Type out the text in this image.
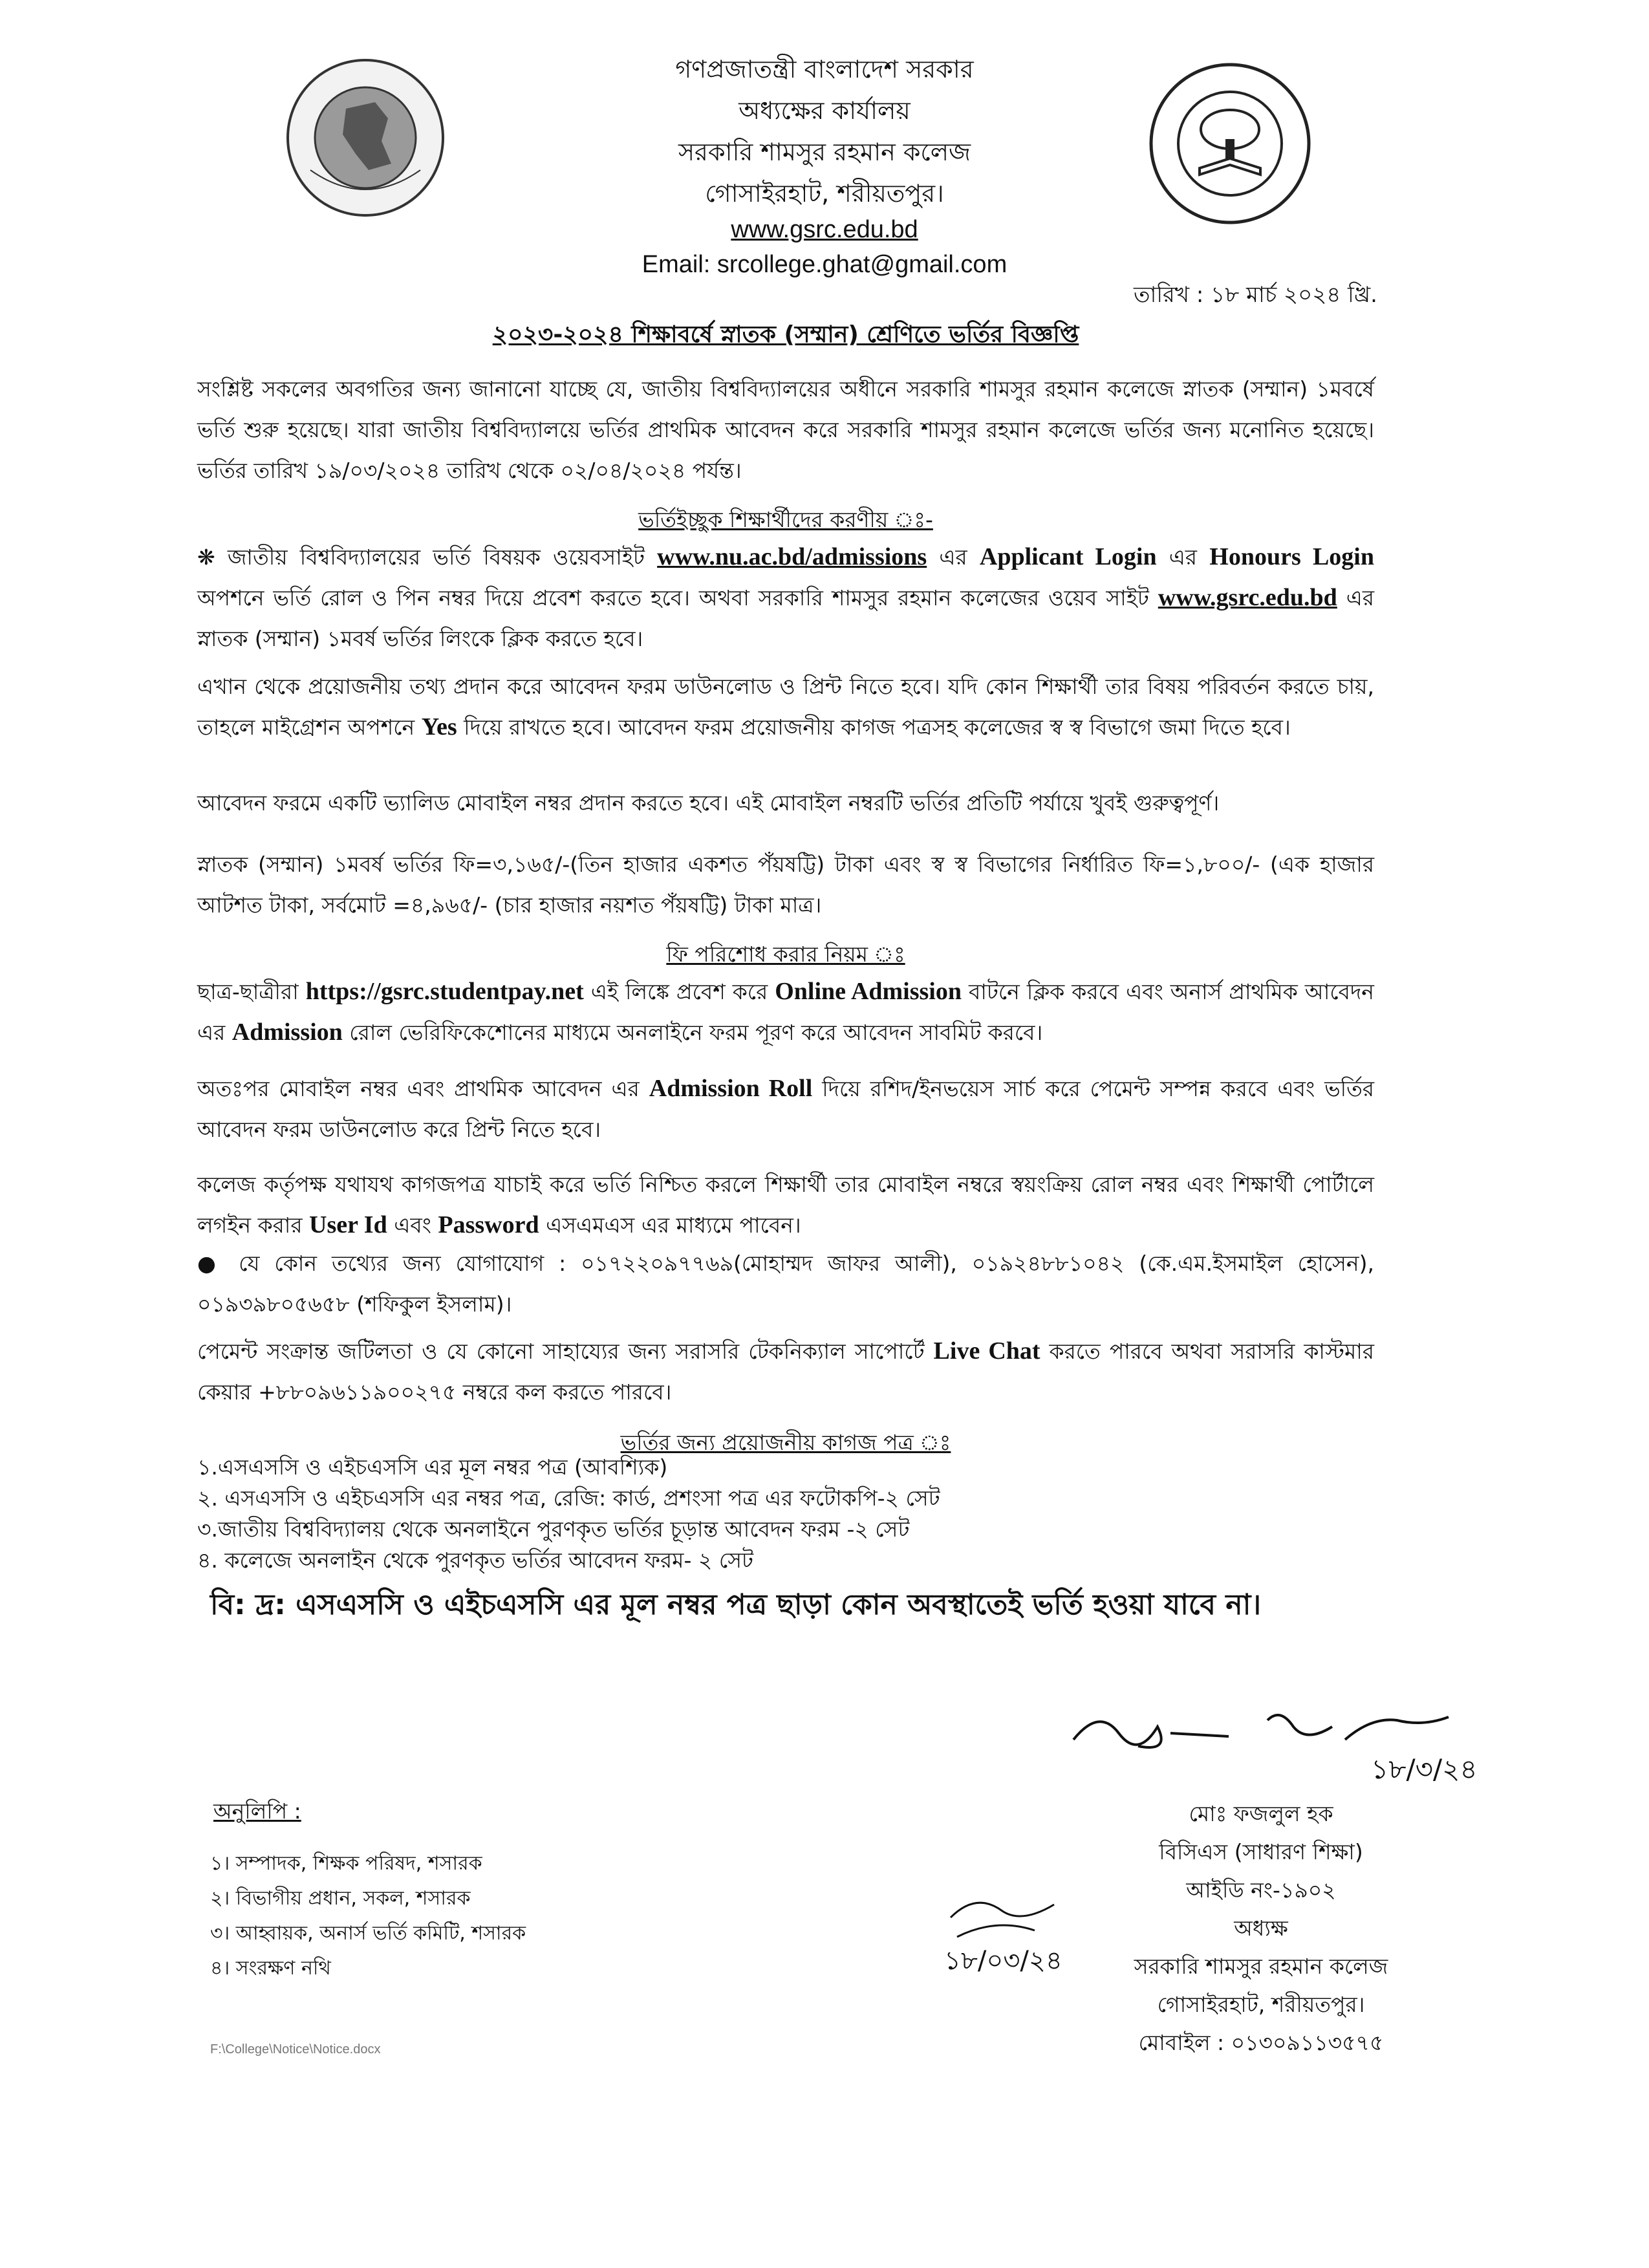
গণপ্রজাতন্ত্রী বাংলাদেশ সরকার
অধ্যক্ষের কার্যালয়
সরকারি শামসুর রহমান কলেজ
গোসাইরহাট, শরীয়তপুর।
www.gsrc.edu.bd
Email: srcollege.ghat@gmail.com
তারিখ : ১৮ মার্চ ২০২৪ খ্রি.
২০২৩-২০২৪ শিক্ষাবর্ষে স্নাতক (সম্মান) শ্রেণিতে ভর্তির বিজ্ঞপ্তি
সংশ্লিষ্ট সকলের অবগতির জন্য জানানো যাচ্ছে যে, জাতীয় বিশ্ববিদ্যালয়ের অধীনে সরকারি শামসুর রহমান কলেজে স্নাতক (সম্মান) ১মবর্ষে ভর্তি শুরু হয়েছে। যারা জাতীয় বিশ্ববিদ্যালয়ে ভর্তির প্রাথমিক আবেদন করে সরকারি শামসুর রহমান কলেজে ভর্তির জন্য মনোনিত হয়েছে। ভর্তির তারিখ ১৯/০৩/২০২৪ তারিখ থেকে ০২/০৪/২০২৪ পর্যন্ত।
ভর্তিইচ্ছুক শিক্ষার্থীদের করণীয় ঃ-
❋ জাতীয় বিশ্ববিদ্যালয়ের ভর্তি বিষয়ক ওয়েবসাইট www.nu.ac.bd/admissions এর Applicant Login এর Honours Login অপশনে ভর্তি রোল ও পিন নম্বর দিয়ে প্রবেশ করতে হবে। অথবা সরকারি শামসুর রহমান কলেজের ওয়েব সাইট www.gsrc.edu.bd এর স্নাতক (সম্মান) ১মবর্ষ ভর্তির লিংকে ক্লিক করতে হবে।
এখান থেকে প্রয়োজনীয় তথ্য প্রদান করে আবেদন ফরম ডাউনলোড ও প্রিন্ট নিতে হবে। যদি কোন শিক্ষার্থী তার বিষয় পরিবর্তন করতে চায়, তাহলে মাইগ্রেশন অপশনে Yes দিয়ে রাখতে হবে। আবেদন ফরম প্রয়োজনীয় কাগজ পত্রসহ কলেজের স্ব স্ব বিভাগে জমা দিতে হবে।
আবেদন ফরমে একটি ভ্যালিড মোবাইল নম্বর প্রদান করতে হবে। এই মোবাইল নম্বরটি ভর্তির প্রতিটি পর্যায়ে খুবই গুরুত্বপূর্ণ।
স্নাতক (সম্মান) ১মবর্ষ ভর্তির ফি=৩,১৬৫/-(তিন হাজার একশত পঁয়ষট্টি) টাকা এবং স্ব স্ব বিভাগের নির্ধারিত ফি=১,৮০০/- (এক হাজার আটশত টাকা, সর্বমোট =৪,৯৬৫/- (চার হাজার নয়শত পঁয়ষট্টি) টাকা মাত্র।
ফি পরিশোধ করার নিয়ম ঃ
ছাত্র-ছাত্রীরা https://gsrc.studentpay.net এই লিঙ্কে প্রবেশ করে Online Admission বাটনে ক্লিক করবে এবং অনার্স প্রাথমিক আবেদন এর Admission রোল ভেরিফিকেশোনের মাধ্যমে অনলাইনে ফরম পূরণ করে আবেদন সাবমিট করবে।
অতঃপর মোবাইল নম্বর এবং প্রাথমিক আবেদন এর Admission Roll দিয়ে রশিদ/ইনভয়েস সার্চ করে পেমেন্ট সম্পন্ন করবে এবং ভর্তির আবেদন ফরম ডাউনলোড করে প্রিন্ট নিতে হবে।
কলেজ কর্তৃপক্ষ যথাযথ কাগজপত্র যাচাই করে ভর্তি নিশ্চিত করলে শিক্ষার্থী তার মোবাইল নম্বরে স্বয়ংক্রিয় রোল নম্বর এবং শিক্ষার্থী পোর্টালে লগইন করার User Id এবং Password এসএমএস এর মাধ্যমে পাবেন।
● যে কোন তথ্যের জন্য যোগাযোগ : ০১৭২২০৯৭৭৬৯(মোহাম্মদ জাফর আলী), ০১৯২৪৮৮১০৪২ (কে.এম.ইসমাইল হোসেন), ০১৯৩৯৮০৫৬৫৮ (শফিকুল ইসলাম)।
পেমেন্ট সংক্রান্ত জটিলতা ও যে কোনো সাহায্যের জন্য সরাসরি টেকনিক্যাল সাপোর্টে Live Chat করতে পারবে অথবা সরাসরি কাস্টমার কেয়ার +৮৮০৯৬১১৯০০২৭৫ নম্বরে কল করতে পারবে।
ভর্তির জন্য প্রয়োজনীয় কাগজ পত্র ঃ
১.এসএসসি ও এইচএসসি এর মূল নম্বর পত্র (আবশ্যিক)
২. এসএসসি ও এইচএসসি এর নম্বর পত্র, রেজি: কার্ড, প্রশংসা পত্র এর ফটোকপি-২ সেট
৩.জাতীয় বিশ্ববিদ্যালয় থেকে অনলাইনে পুরণকৃত ভর্তির চূড়ান্ত আবেদন ফরম -২ সেট
৪. কলেজে অনলাইন থেকে পুরণকৃত ভর্তির আবেদন ফরম- ২ সেট
বি: দ্র: এসএসসি ও এইচএসসি এর মূল নম্বর পত্র ছাড়া কোন অবস্থাতেই ভর্তি হওয়া যাবে না।
১৮/৩/২৪
মোঃ ফজলুল হক
বিসিএস (সাধারণ শিক্ষা)
আইডি নং-১৯০২
অধ্যক্ষ
সরকারি শামসুর রহমান কলেজ
গোসাইরহাট, শরীয়তপুর।
মোবাইল : ০১৩০৯১১৩৫৭৫
১৮/০৩/২৪
অনুলিপি :
১। সম্পাদক, শিক্ষক পরিষদ, শসারক
২। বিভাগীয় প্রধান, সকল, শসারক
৩। আহ্বায়ক, অনার্স ভর্তি কমিটি, শসারক
৪। সংরক্ষণ নথি
F:\College\Notice\Notice.docx
